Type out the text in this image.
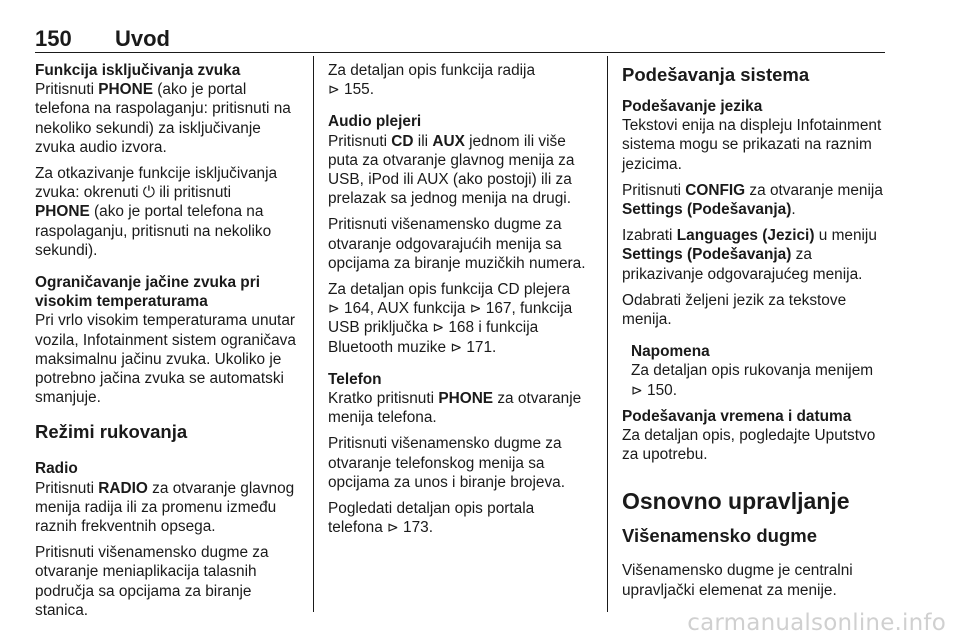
150 Uvod
Funkcija isključivanja zvuka

Pritisnuti PHONE (ako je portal telefona na raspolaganju: pritisnuti na nekoliko sekundi) za isključivanje zvuka audio izvora.

Za otkazivanje funkcije isključivanja zvuka: okrenuti ⏻ ili pritisnuti
PHONE (ako je portal telefona na raspolaganju, pritisnuti na nekoliko sekundi).

Ograničavanje jačine zvuka pri visokim temperaturama

Pri vrlo visokim temperaturama unutar vozila, Infotainment sistem ograničava maksimalnu jačinu zvuka. Ukoliko je potrebno jačina zvuka se automatski smanjuje.

Režimi rukovanja
Radio

Pritisnuti RADIO za otvaranje glavnog menija radija ili za promenu između raznih frekventnih opsega.

Pritisnuti višenamensko dugme za otvaranje meniaplikacija talasnih područja sa opcijama za biranje stanica.

Za detaljan opis funkcija radija
⊳ 155.

Audio plejeri

Pritisnuti CD ili AUX jednom ili više puta za otvaranje glavnog menija za USB, iPod ili AUX (ako postoji) ili za prelazak sa jednog menija na drugi.

Pritisnuti višenamensko dugme za otvaranje odgovarajućih menija sa opcijama za biranje muzičkih numera.

Za detaljan opis funkcija CD plejera
⊳ 164, AUX funkcija ⊳ 167, funkcija USB priključka ⊳ 168 i funkcija Bluetooth muzike ⊳ 171.

Telefon

Kratko pritisnuti PHONE za otvaranje menija telefona.

Pritisnuti višenamensko dugme za otvaranje telefonskog menija sa opcijama za unos i biranje brojeva.

Pogledati detaljan opis portala telefona ⊳ 173.

Podešavanja sistema
Podešavanje jezika

Tekstovi enija na displeju Infotainment sistema mogu se prikazati na raznim jezicima.

Pritisnuti CONFIG za otvaranje menija Settings (Podešavanja).

Izabrati Languages (Jezici) u meniju Settings (Podešavanja) za prikazivanje odgovarajućeg menija.

Odabrati željeni jezik za tekstove menija.

Napomena
Za detaljan opis rukovanja menijem ⊳ 150.
Podešavanja vremena i datuma

Za detaljan opis, pogledajte Uputstvo za upotrebu.

Osnovno upravljanje
Višenamensko dugme

Višenamensko dugme je centralni upravljački elemenat za menije.

carmanualsonline.info
